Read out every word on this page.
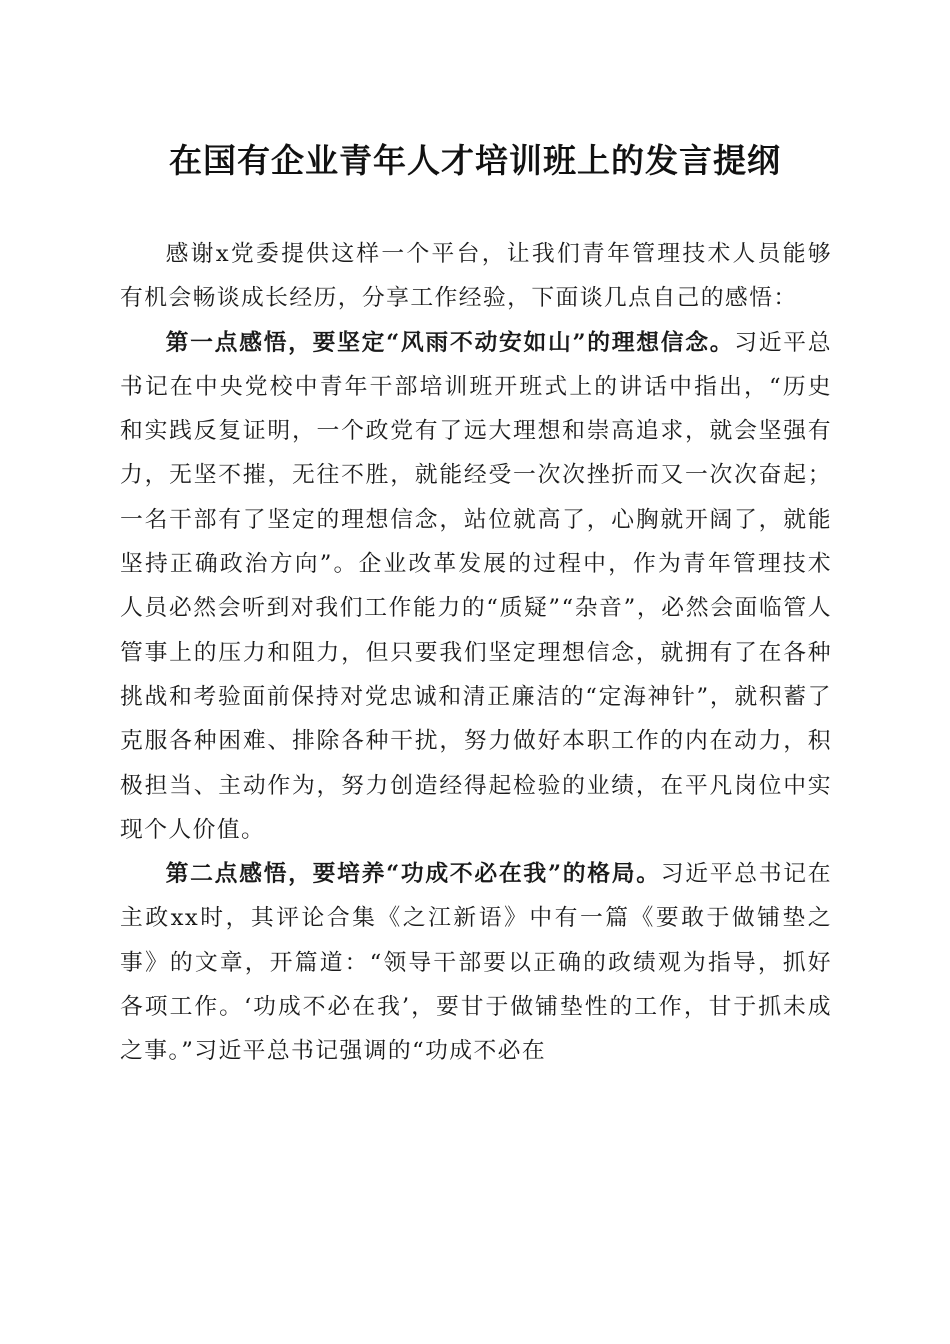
在国有企业青年人才培训班上的发言提纲

感谢x党委提供这样一个平台，让我们青年管理技术人员能够有机会畅谈成长经历，分享工作经验，下面谈几点自己的感悟：

第一点感悟，要坚定“风雨不动安如山”的理想信念。习近平总书记在中央党校中青年干部培训班开班式上的讲话中指出，“历史和实践反复证明，一个政党有了远大理想和崇高追求，就会坚强有力，无坚不摧，无往不胜，就能经受一次次挫折而又一次次奋起；一名干部有了坚定的理想信念，站位就高了，心胸就开阔了，就能坚持正确政治方向”。企业改革发展的过程中，作为青年管理技术人员必然会听到对我们工作能力的“质疑”“杂音”，必然会面临管人管事上的压力和阻力，但只要我们坚定理想信念，就拥有了在各种挑战和考验面前保持对党忠诚和清正廉洁的“定海神针”，就积蓄了克服各种困难、排除各种干扰，努力做好本职工作的内在动力，积极担当、主动作为，努力创造经得起检验的业绩，在平凡岗位中实现个人价值。

第二点感悟，要培养“功成不必在我”的格局。习近平总书记在主政xx时，其评论合集《之江新语》中有一篇《要敢于做铺垫之事》的文章，开篇道：“领导干部要以正确的政绩观为指导，抓好各项工作。‘功成不必在我’，要甘于做铺垫性的工作，甘于抓未成之事。”习近平总书记强调的“功成不必在
